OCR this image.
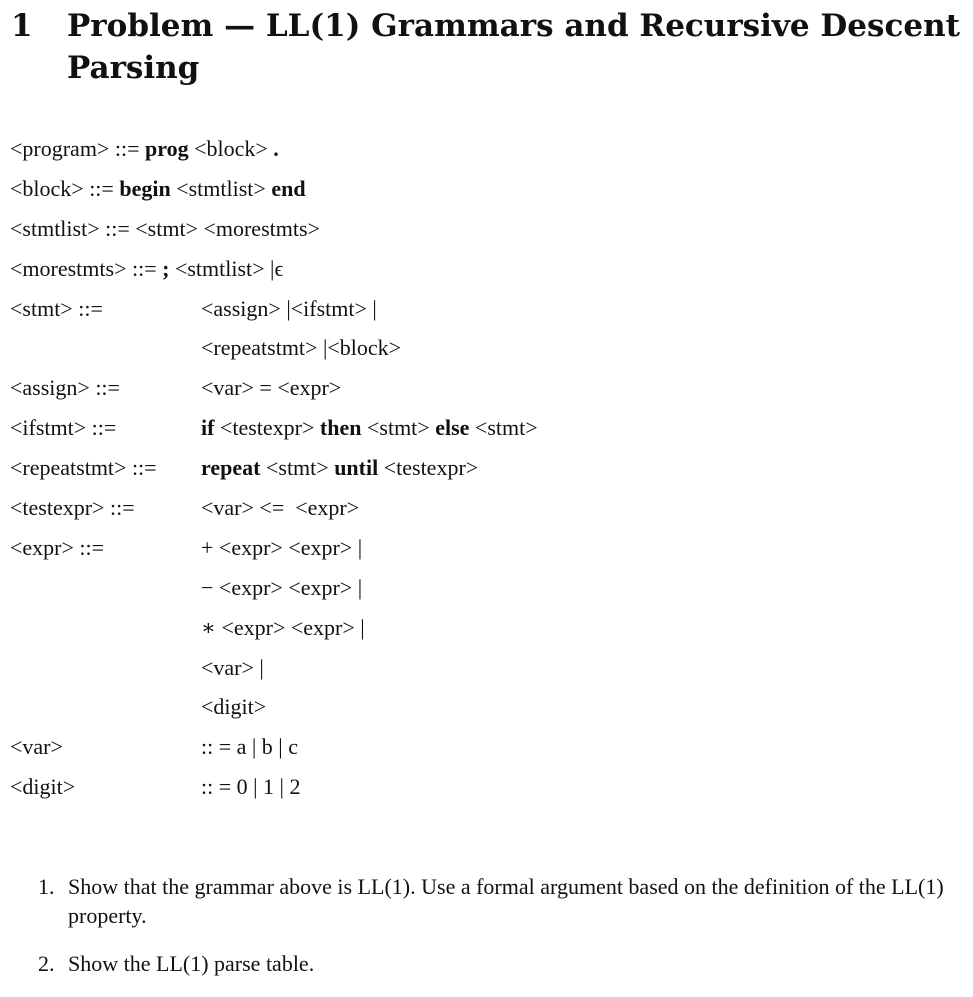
1 Problem — LL(1) Grammars and Recursive Descent
Parsing
<program> ::= prog <block> .
<block> ::= begin <stmtlist> end
<stmtlist> ::= <stmt> <morestmts>
<morestmts> ::= ; <stmtlist> |ϵ
<stmt> ::=	<assign> |<ifstmt> |
<repeatstmt> |<block>
<assign> ::=	<var> = <expr>
<ifstmt> ::=	if <testexpr> then <stmt> else <stmt>
<repeatstmt> ::= repeat <stmt> until <testexpr>
<testexpr> ::=	<var> <=  <expr>
<expr> ::=	+ <expr> <expr> |
− <expr> <expr> |
∗ <expr> <expr> |
<var> |
<digit>
<var>	:: = a | b | c
<digit>	:: = 0 | 1 | 2
1. Show that the grammar above is LL(1). Use a formal argument based on the definition of the LL(1) property.
2. Show the LL(1) parse table.
